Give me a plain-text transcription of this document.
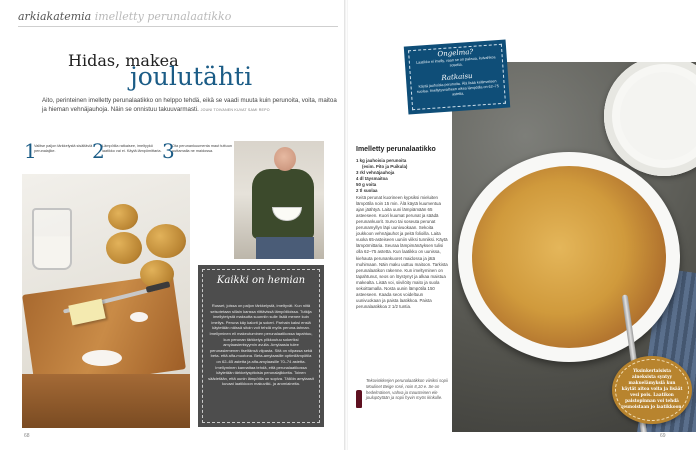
arkiakatemia imelletty perunalaatikko
Hidas, makea
joulutähti
Aito, perinteinen imelletty perunalaatikko on helppo tehdä, eikä se vaadi muuta kuin perunoita, voita, maitoa ja hieman vehnäjauhoja. Näin se onnistuu takuuvarmasti. JOUNI TOIVANEN KUVAT SAMI REPO
1
Valitse paljon tärkkelystä sisältäviä perunalajike.	2
Lämpötila ratkaisee, imeltyykö laatikko vai ei. Käytä lämpömittaria. 3
Ota perunankuumenta maut tuttuun uuttamalla ne maidossa.
Kaikki on hemian
Russet, joissa on paljon tärkkelystä, imeltyvät. Kun niitä seisotetaan sillain kanssa riittävissä lämpötiloissa. Tutkija imellytetystä maksutta suunniin sulle lisää menee kuin imellys. Peruna käy kalorit ja sokeri. Parhain kaksi ensiä käytetään näissä sitoin voit tehdä myös peruna-tahnan. Imellyminen eli makeutuminen perunalaatikossa tapahtuu, kun perunan tärkkelys pilkkoutuu sokeriksi amylaasientsyymin avulla. Amylaasia tulee perunasiemenen itseltänsä vilpasta. Sitä on vilpassa sekä beta- että alfa-muotona. Beta-amylaasille optimilämpötila on 62–65 astetta ja alfa-amylaasille 70–74 astetta. Imellyminen kannattaa tehdä, että perunalaatikossa käytetään tärkkelyspitoisia perunalajikkeita. Toinen säädetään, että uunin lämpötila on sopiva. Tällöin amylaasit kuvaat laatikkoon makuviiki- ja aromiaineita.
68
Imelletty perunalaatikko
1 kg jauhoisia perunoita
(esim. Pito ja Puikula)
3 rkl vehnäjauhoja
4 dl täysmaitoa
50 g voita
2 tl suolaa

Keitä perunat kuorineen kypsiksi mieluiten lämpötila noin 15 min. Älä käytä kuumentua ajan jäähtyä. Laita uuni lämpiämään 65 asteeseen. Kuori kuumat perunat ja säädä perunankuorit. Survo tai soseuta perunat perunamyllyn läpi uunivuokaan. Sekoita joukkoon vehnäjauhot ja peitä folioilla. Laita vuoka 65-asteiseen uuniin viiksi tunniksi. Käytä lämpömittaria. Seuraa lämpimänäyksen tulisi olla 62–75 astetta. Kun laatikko on uunissa, kiehauta perunankuoret maidossa ja jätä muhimaan. Näin maku uuttuu maitoon. Tarkista perunalaatikon rakenne. Kun imeltyminen on tapahtunut, seos on löystynyt ja alkaa maistua makealta. Lisää voi, siivilöity maito ja suola sekoittamalla. Nosta uunin lämpötila 150 asteeseen. Kaada seos voideltuun uunivuokaan ja paista laatikkoa. Paista perunalaatikkoa 2 1/2 tuntia.

Tekovinkkerjen perunalaatikkon viiniksi sopii Moulinet Beige rosé, noin 8,10 e. Se on hedelmäinen, vahva ja mausteinen ele joulupöytään ja sopii hyvin myös kinkulle.
Ongelma?
Laatikko ei imelly, vaan se on paksua, kuivahkoa sosetta.
Ratkaisu
Käytä jauhoisia perunoita. Älä lisää keitinveteen suolaa. Imellytysvaiheen oikea lämpötila on 62–75 astetta.
Yksinkertaisista aineksista syntyy makuelämyksiä kun käytät aitoa voita ja lisäät vesi pois. Laatikon paistopinnan voi tehdä reunoistaan jo laatikkoon.
69
